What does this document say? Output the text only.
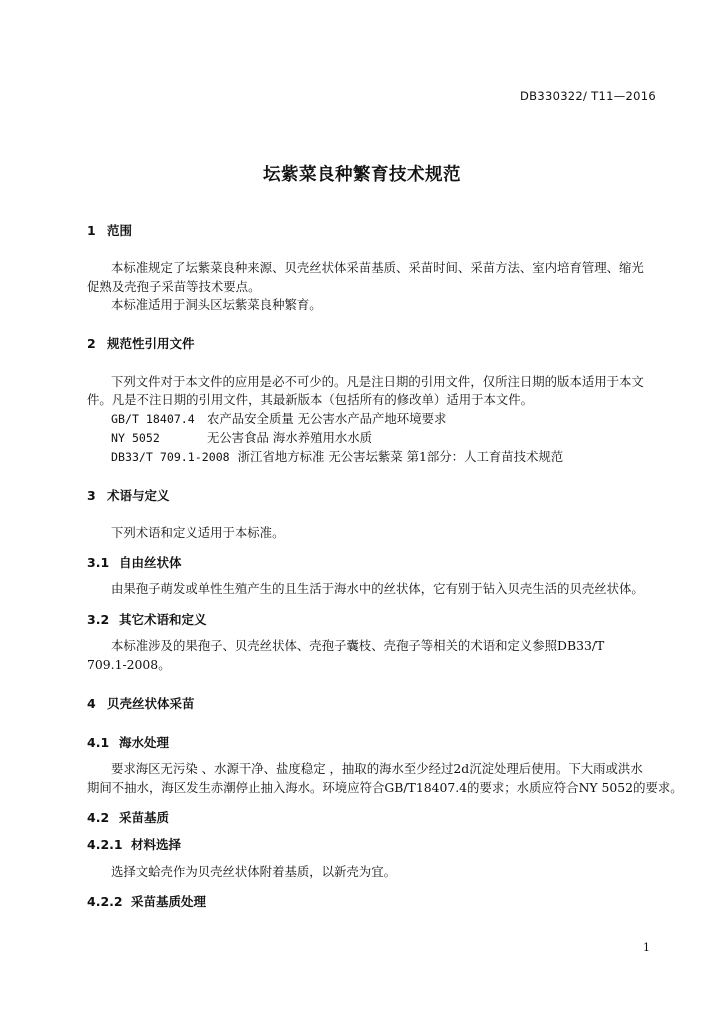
DB330322/ T11—2016
坛紫菜良种繁育技术规范
1 范围
本标准规定了坛紫菜良种来源、贝壳丝状体采苗基质、采苗时间、采苗方法、室内培育管理、缩光
促熟及壳孢子采苗等技术要点。
本标准适用于洞头区坛紫菜良种繁育。
2 规范性引用文件
下列文件对于本文件的应用是必不可少的。凡是注日期的引用文件，仅所注日期的版本适用于本文
件。凡是不注日期的引用文件，其最新版本（包括所有的修改单）适用于本文件。
GB/T 18407.4 农产品安全质量 无公害水产品产地环境要求
NY 5052	无公害食品 海水养殖用水水质
DB33/T 709.1-2008 浙江省地方标准 无公害坛紫菜 第1部分：人工育苗技术规范
3 术语与定义
下列术语和定义适用于本标准。
3.1 自由丝状体
由果孢子萌发或单性生殖产生的且生活于海水中的丝状体，它有别于钻入贝壳生活的贝壳丝状体。
3.2 其它术语和定义
本标准涉及的果孢子、贝壳丝状体、壳孢子囊枝、壳孢子等相关的术语和定义参照DB33/T
709.1-2008。
4 贝壳丝状体采苗
4.1 海水处理
要求海区无污染 、水源干净、盐度稳定 ，抽取的海水至少经过2d沉淀处理后使用。下大雨或洪水
期间不抽水，海区发生赤潮停止抽入海水。环境应符合GB/T18407.4的要求；水质应符合NY 5052的要求。
4.2 采苗基质
4.2.1 材料选择
选择文蛤壳作为贝壳丝状体附着基质，以新壳为宜。
4.2.2 采苗基质处理
1
